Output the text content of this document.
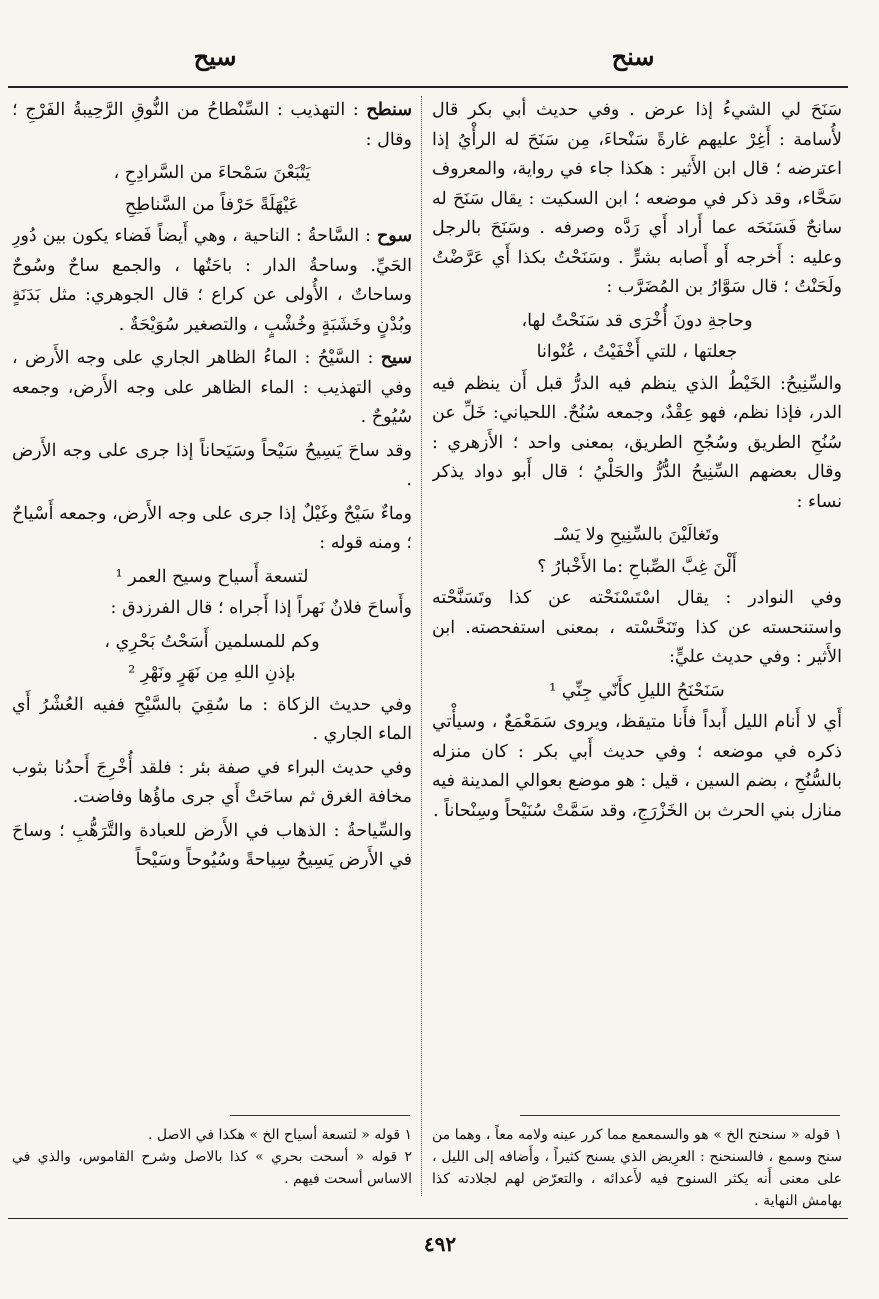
سنح
سيح
سَنَحَ لي الشيءُ إذا عرض . وفي حديث أبي بكر قال لأُسامة : أَغِرْ عليهم غارةً سَنْحاءَ، مِن سَنَحَ له الرأْيُ إذا اعترضه ؛ قال ابن الأَثير : هكذا جاء في رواية، والمعروف سَحَّاء، وقد ذكر في موضعه ؛ ابن السكيت : يقال سَنَحَ له سانحٌ فَسَنَحَه عما أَراد أَي رَدَّه وصرفه . وسَنَحَ بالرجل وعليه : أَخرجه أَو أَصابه بشرٍّ . وسَنَحْتُ بكذا أَي عَرَّضْتُ ولَحَنْتُ ؛ قال سَوَّارُ بن المُضَرَّب :
وحاجةِ دونَ أُخْرَى قد سَنَحْتُ لها،
جعلتها ، للتي أَخْفَيْتُ ، عُنْوانا
والسِّنِيحُ: الخَيْطُ الذي ينظم فيه الدرُّ قبل أَن ينظم فيه الدر، فإذا نظم، فهو عِقْدٌ، وجمعه سُنُحٌ. اللحياني: خَلِّ عن سُنُحِ الطريق وسُجُحِ الطريق، بمعنى واحد ؛ الأَزهري : وقال بعضهم السِّنِيحُ الدُّرُّ والحَلْيُ ؛ قال أَبو دواد يذكر نساء :
وتَغالَيْنَ بالسِّنِيحِ ولا يَسْـ
أَلْنَ غِبَّ الصِّباحِ :ما الأَخْبارُ ؟
وفي النوادر : يقال اسْتَسْنَحْته عن كذا وتَسَنَّحْته واستنحسته عن كذا وتَنَحَّسْته ، بمعنى استفحصته. ابن الأَثير : وفي حديث عليٍّ:
سَنَحْنَحُ الليلِ كأَنّي جِنِّي ¹
أَي لا أَنام الليل أَبداً فأَنا متيقظ، ويروى سَمَعْمَعٌ ، وسيأْتي ذكره في موضعه ؛ وفي حديث أَبي بكر : كان منزله بالسُّنُحِ ، بضم السين ، قيل : هو موضع بعوالي المدينة فيه منازل بني الحرث بن الخَزْرَجِ، وقد سَمَّتْ سُنَيْحاً وسِنْحاناً .
سنطح : التهذيب : السِّنْطاحُ من النُّوقِ الرَّحِيبةُ الفَرْجِ ؛ وقال :
يَتْبَعْنَ سَمْحاءَ من السَّرادِحِ ،
عَيْهَلَةً حَرْفاً من السَّناطِحِ
سوح : السَّاحةُ : الناحية ، وهي أَيضاً فَضاء يكون بين دُورِ الحَيِّ. وساحةُ الدار : باحَتُها ، والجمع ساحٌ وسُوحٌ وساحاتٌ ، الأُولى عن كراع ؛ قال الجوهري: مثل بَدَنَةٍ وبُدْنٍ وخَشَبَةٍ وخُشْبٍ ، والتصغير سُوَيْحَةٌ .
سيح : السَّيْحُ : الماءُ الظاهر الجاري على وجه الأَرض ، وفي التهذيب : الماء الظاهر على وجه الأَرض، وجمعه سُيُوحٌ .
وقد ساحَ يَسِيحُ سَيْحاً وسَيَحاناً إذا جرى على وجه الأَرض .
وماءٌ سَيْحٌ وغَيْلٌ إذا جرى على وجه الأَرض، وجمعه أَسْياحٌ ؛ ومنه قوله :
لتسعة أَسياح وسيح العمر ¹
وأَساحَ فلانٌ نَهراً إذا أَجراه ؛ قال الفرزدق :
وكم للمسلمين أَسَحْتُ بَحْرِي ،
بإذنِ اللهِ مِن نَهَرٍ ونَهْرِ ²
وفي حديث الزكاة : ما سُقِيَ بالسَّيْحِ ففيه العُشْرُ أَي الماء الجاري .
وفي حديث البراء في صفة بئر : فلقد أُخْرِجَ أَحدُنا بثوب مخافة الغرق ثم ساحَتْ أَي جرى ماؤُها وفاضت.
والسِّياحةُ : الذهاب في الأَرض للعبادة والتَّرَهُّبِ ؛ وساحَ في الأَرض يَسِيحُ سِياحةً وسُيُوحاً وسَيْحاً

١ قوله « سنحنح الخ » هو والسمعمع مما كرر عينه ولامه معاً ، وهما من سنح وسمع ، فالسنحنح : العرِيض الذي يسنح كثيراً ، وأَضافه إلى الليل ، على معنى أَنه يكثر السنوح فيه لأَعدائه ، والتعرّض لهم لجلادته كذا بهامش النهاية .

١ قوله « لتسعة أسياح الخ » هكذا في الاصل .

٢ قوله « أسحت بحري » كذا بالاصل وشرح القاموس، والذي في الاساس أسحت فيهم .

٤٩٢
